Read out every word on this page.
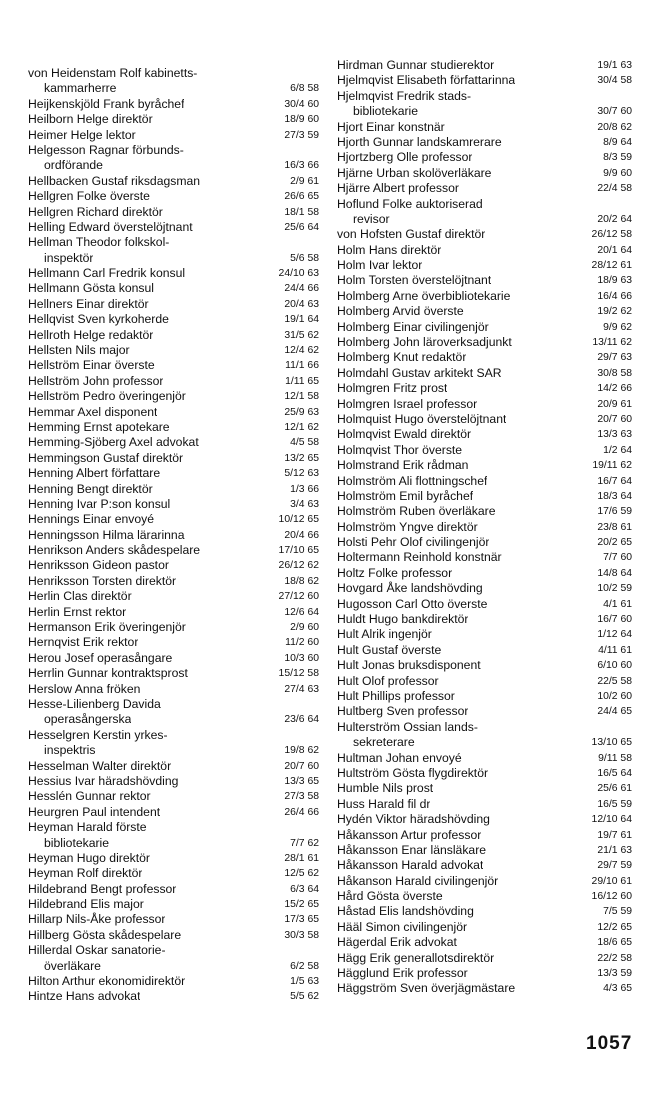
von Heidenstam Rolf kabinetts-
kammarherre	6/8 58
Heijkenskjöld Frank byråchef	30/4 60
Heilborn Helge direktör	18/9 60
Heimer Helge lektor	27/3 59
Helgesson Ragnar förbunds-
ordförande	16/3 66
Hellbacken Gustaf riksdagsman	2/9 61
Hellgren Folke överste	26/6 65
Hellgren Richard direktör	18/1 58
Helling Edward överstelöjtnant	25/6 64
Hellman Theodor folkskol-
inspektör	5/6 58
Hellmann Carl Fredrik konsul	24/10 63
Hellmann Gösta konsul	24/4 66
Hellners Einar direktör	20/4 63
Hellqvist Sven kyrkoherde	19/1 64
Hellroth Helge redaktör	31/5 62
Hellsten Nils major	12/4 62
Hellström Einar överste	11/1 66
Hellström John professor	1/11 65
Hellström Pedro överingenjör	12/1 58
Hemmar Axel disponent	25/9 63
Hemming Ernst apotekare	12/1 62
Hemming-Sjöberg Axel advokat	4/5 58
Hemmingson Gustaf direktör	13/2 65
Henning Albert författare	5/12 63
Henning Bengt direktör	1/3 66
Henning Ivar P:son konsul	3/4 63
Hennings Einar envoyé	10/12 65
Henningsson Hilma lärarinna	20/4 66
Henrikson Anders skådespelare	17/10 65
Henriksson Gideon pastor	26/12 62
Henriksson Torsten direktör	18/8 62
Herlin Clas direktör	27/12 60
Herlin Ernst rektor	12/6 64
Hermanson Erik överingenjör	2/9 60
Hernqvist Erik rektor	11/2 60
Herou Josef operasångare	10/3 60
Herrlin Gunnar kontraktsprost	15/12 58
Herslow Anna fröken	27/4 63
Hesse-Lilienberg Davida
operasångerska	23/6 64
Hesselgren Kerstin yrkes-
inspektris	19/8 62
Hesselman Walter direktör	20/7 60
Hessius Ivar häradshövding	13/3 65
Hesslén Gunnar rektor	27/3 58
Heurgren Paul intendent	26/4 66
Heyman Harald förste
bibliotekarie	7/7 62
Heyman Hugo direktör	28/1 61
Heyman Rolf direktör	12/5 62
Hildebrand Bengt professor	6/3 64
Hildebrand Elis major	15/2 65
Hillarp Nils-Åke professor	17/3 65
Hillberg Gösta skådespelare	30/3 58
Hillerdal Oskar sanatorie-
överläkare	6/2 58
Hilton Arthur ekonomidirektör	1/5 63
Hintze Hans advokat	5/5 62
Hirdman Gunnar studierektor	19/1 63
Hjelmqvist Elisabeth författarinna	30/4 58
Hjelmqvist Fredrik stads-
bibliotekarie	30/7 60
Hjort Einar konstnär	20/8 62
Hjorth Gunnar landskamrerare	8/9 64
Hjortzberg Olle professor	8/3 59
Hjärne Urban skolöverläkare	9/9 60
Hjärre Albert professor	22/4 58
Hoflund Folke auktoriserad
revisor	20/2 64
von Hofsten Gustaf direktör	26/12 58
Holm Hans direktör	20/1 64
Holm Ivar lektor	28/12 61
Holm Torsten överstelöjtnant	18/9 63
Holmberg Arne överbibliotekarie	16/4 66
Holmberg Arvid överste	19/2 62
Holmberg Einar civilingenjör	9/9 62
Holmberg John läroverksadjunkt	13/11 62
Holmberg Knut redaktör	29/7 63
Holmdahl Gustav arkitekt SAR	30/8 58
Holmgren Fritz prost	14/2 66
Holmgren Israel professor	20/9 61
Holmquist Hugo överstelöjtnant	20/7 60
Holmqvist Ewald direktör	13/3 63
Holmqvist Thor överste	1/2 64
Holmstrand Erik rådman	19/11 62
Holmström Ali flottningschef	16/7 64
Holmström Emil byråchef	18/3 64
Holmström Ruben överläkare	17/6 59
Holmström Yngve direktör	23/8 61
Holsti Pehr Olof civilingenjör	20/2 65
Holtermann Reinhold konstnär	7/7 60
Holtz Folke professor	14/8 64
Hovgard Åke landshövding	10/2 59
Hugosson Carl Otto överste	4/1 61
Huldt Hugo bankdirektör	16/7 60
Hult Alrik ingenjör	1/12 64
Hult Gustaf överste	4/11 61
Hult Jonas bruksdisponent	6/10 60
Hult Olof professor	22/5 58
Hult Phillips professor	10/2 60
Hultberg Sven professor	24/4 65
Hulterström Ossian lands-
sekreterare	13/10 65
Hultman Johan envoyé	9/11 58
Hultström Gösta flygdirektör	16/5 64
Humble Nils prost	25/6 61
Huss Harald fil dr	16/5 59
Hydén Viktor häradshövding	12/10 64
Håkansson Artur professor	19/7 61
Håkansson Enar länsläkare	21/1 63
Håkansson Harald advokat	29/7 59
Håkanson Harald civilingenjör	29/10 61
Hård Gösta överste	16/12 60
Håstad Elis landshövding	7/5 59
Hääl Simon civilingenjör	12/2 65
Hägerdal Erik advokat	18/6 65
Hägg Erik generallotsdirektör	22/2 58
Hägglund Erik professor	13/3 59
Häggström Sven överjägmästare	4/3 65
1057
